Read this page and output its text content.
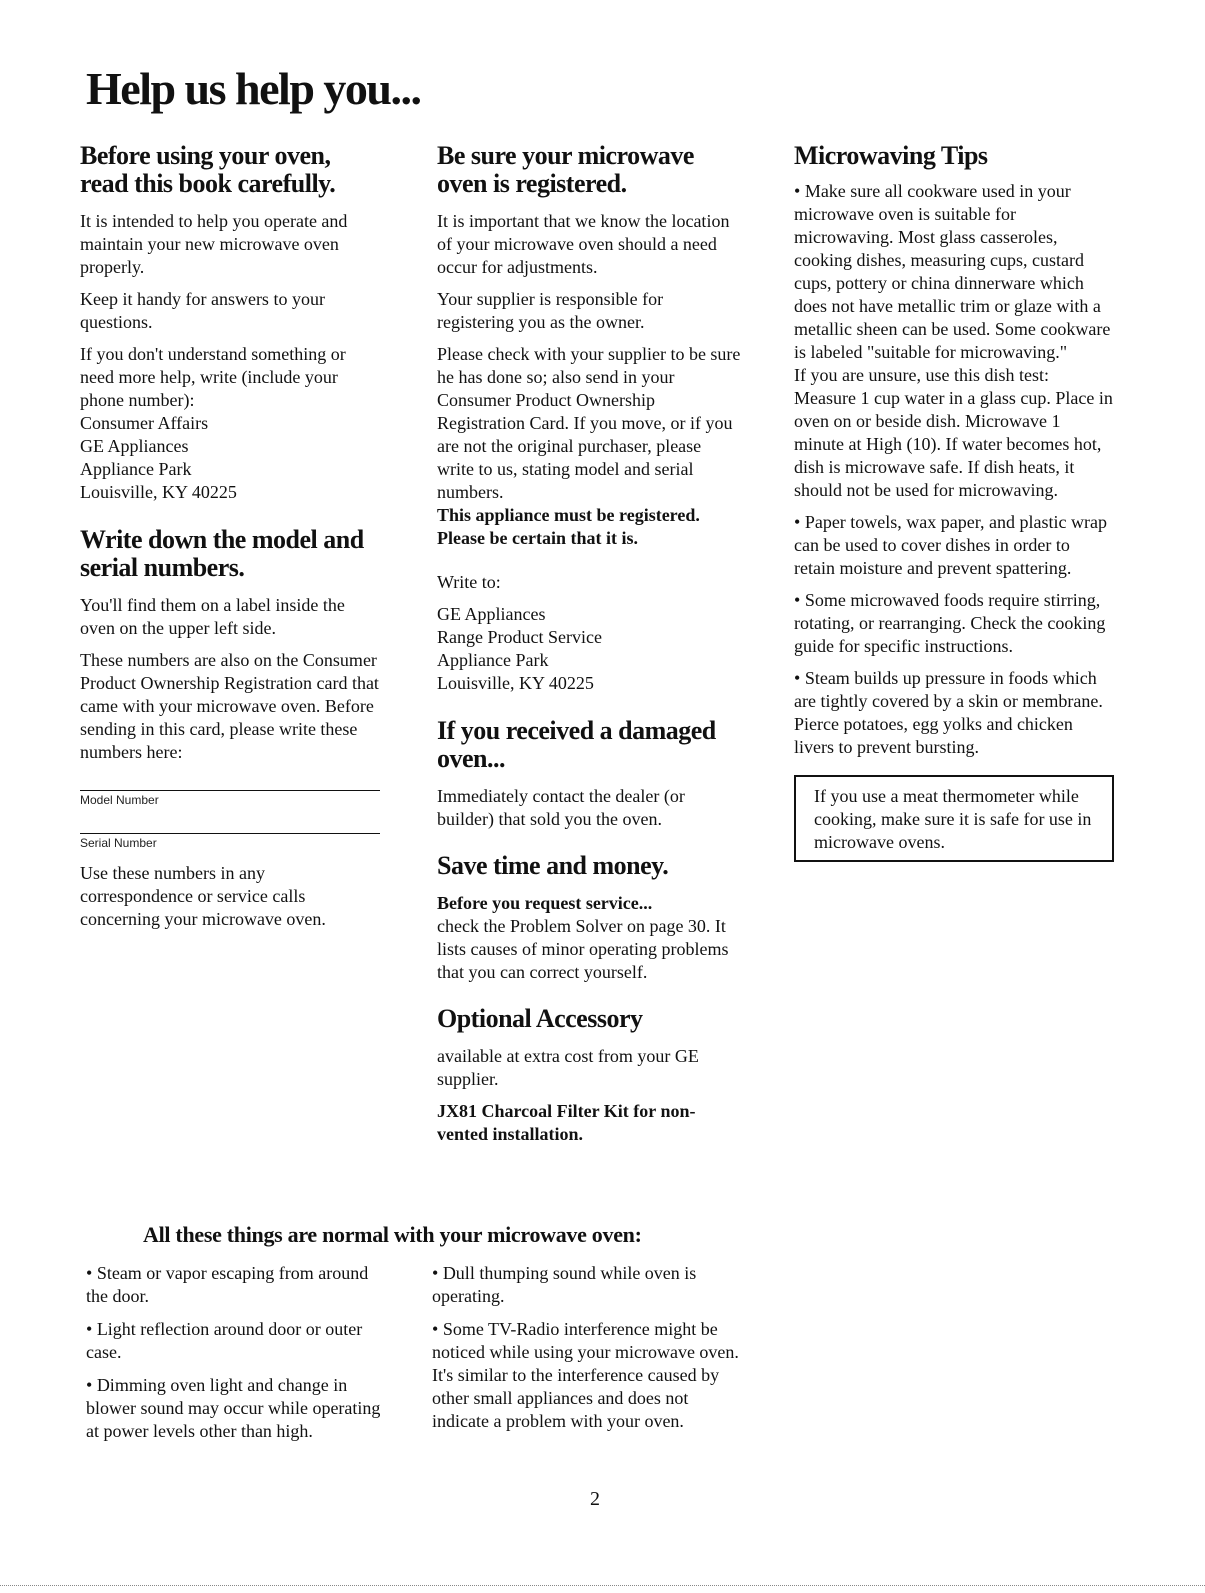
Help us help you...
Before using your oven, read this book carefully.

It is intended to help you operate and maintain your new microwave oven properly.

Keep it handy for answers to your questions.

If you don't understand something or need more help, write (include your phone number):

Consumer Affairs

GE Appliances

Appliance Park

Louisville, KY 40225

Write down the model and serial numbers.

You'll find them on a label inside the oven on the upper left side.

These numbers are also on the Consumer Product Ownership Registration card that came with your microwave oven. Before sending in this card, please write these numbers here:

Model Number
Serial Number

Use these numbers in any correspondence or service calls concerning your microwave oven.

Be sure your microwave oven is registered.

It is important that we know the location of your microwave oven should a need occur for adjustments.

Your supplier is responsible for registering you as the owner.

Please check with your supplier to be sure he has done so; also send in your Consumer Product Ownership Registration Card. If you move, or if you are not the original purchaser, please write to us, stating model and serial numbers.

This appliance must be registered. Please be certain that it is.

Write to:

GE Appliances

Range Product Service

Appliance Park

Louisville, KY 40225

If you received a damaged oven...

Immediately contact the dealer (or builder) that sold you the oven.

Save time and money.

Before you request service...

check the Problem Solver on page 30. It lists causes of minor operating problems that you can correct yourself.

Optional Accessory

available at extra cost from your GE supplier.

JX81 Charcoal Filter Kit for non-vented installation.

Microwaving Tips

• Make sure all cookware used in your microwave oven is suitable for microwaving. Most glass casseroles, cooking dishes, measuring cups, custard cups, pottery or china dinnerware which does not have metallic trim or glaze with a metallic sheen can be used. Some cookware is labeled "suitable for microwaving."

If you are unsure, use this dish test: Measure 1 cup water in a glass cup. Place in oven on or beside dish. Microwave 1 minute at High (10). If water becomes hot, dish is microwave safe. If dish heats, it should not be used for microwaving.

• Paper towels, wax paper, and plastic wrap can be used to cover dishes in order to retain moisture and prevent spattering.

• Some microwaved foods require stirring, rotating, or rearranging. Check the cooking guide for specific instructions.

• Steam builds up pressure in foods which are tightly covered by a skin or membrane. Pierce potatoes, egg yolks and chicken livers to prevent bursting.

If you use a meat thermometer while cooking, make sure it is safe for use in microwave ovens.

All these things are normal with your microwave oven:

• Steam or vapor escaping from around the door.

• Light reflection around door or outer case.

• Dimming oven light and change in blower sound may occur while operating at power levels other than high.

• Dull thumping sound while oven is operating.

• Some TV-Radio interference might be noticed while using your microwave oven. It's similar to the interference caused by other small appliances and does not indicate a problem with your oven.

2
